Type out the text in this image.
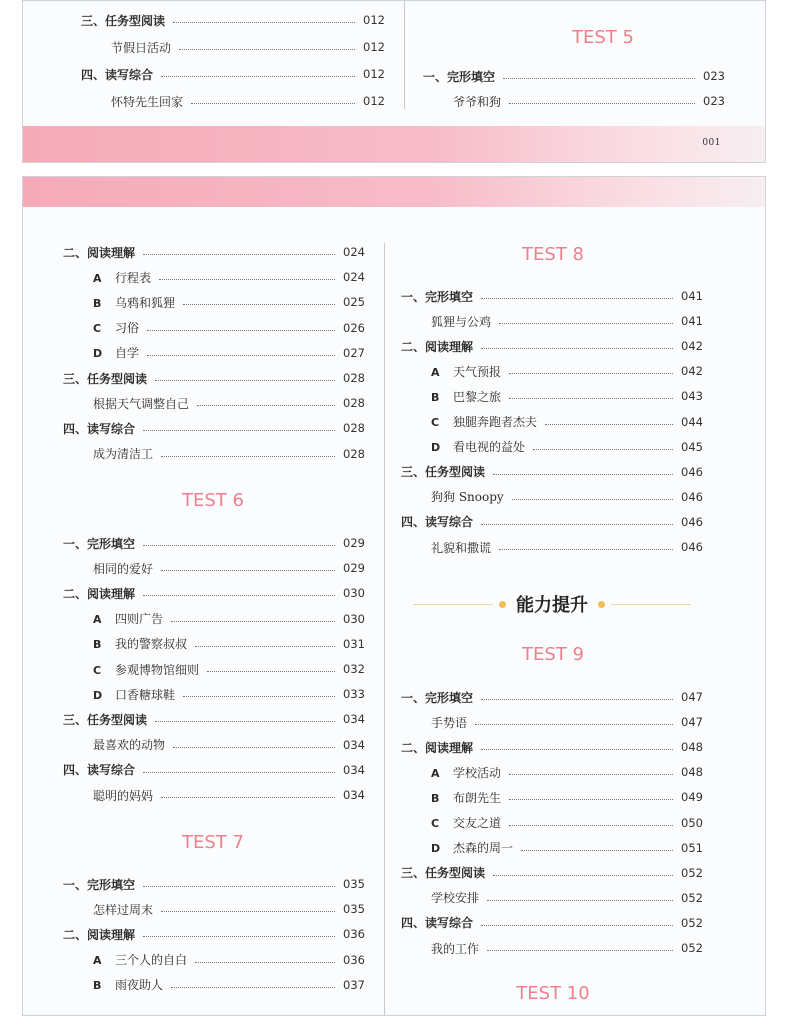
三、任务型阅读	012
节假日活动	012
四、读写综合	012
怀特先生回家	012
TEST 5
一、完形填空	023
爷爷和狗	023
001
二、阅读理解	024
A 行程表	024
B 乌鸦和狐狸	025
C 习俗	026
D 自学	027
三、任务型阅读	028
根据天气调整自己	028
四、读写综合	028
成为清洁工	028
TEST 6
一、完形填空	029
相同的爱好	029
二、阅读理解	030
A 四则广告	030
B 我的警察叔叔	031
C 参观博物馆细则	032
D 口香糖球鞋	033
三、任务型阅读	034
最喜欢的动物	034
四、读写综合	034
聪明的妈妈	034
TEST 7
一、完形填空	035
怎样过周末	035
二、阅读理解	036
A 三个人的自白	036
B 雨夜助人	037
TEST 8
一、完形填空	041
狐狸与公鸡	041
二、阅读理解	042
A 天气预报	042
B 巴黎之旅	043
C 独腿奔跑者杰夫	044
D 看电视的益处	045
三、任务型阅读	046
狗狗 Snoopy	046
四、读写综合	046
礼貌和撒谎	046
能力提升
TEST 9
一、完形填空	047
手势语	047
二、阅读理解	048
A 学校活动	048
B 布朗先生	049
C 交友之道	050
D 杰森的周一	051
三、任务型阅读	052
学校安排	052
四、读写综合	052
我的工作	052
TEST 10
